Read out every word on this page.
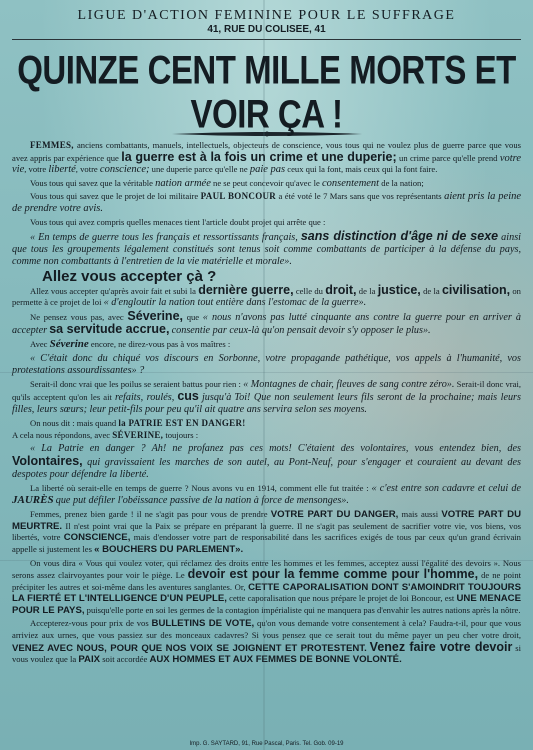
LIGUE D'ACTION FEMININE POUR LE SUFFRAGE

41, RUE DU COLISEE, 41

QUINZE CENT MILLE MORTS ET VOIR ÇA !

FEMMES, anciens combattants, manuels, intellectuels, objecteurs de conscience, vous tous qui ne voulez plus de guerre parce que vous avez appris par expérience que la guerre est à la fois un crime et une duperie; un crime parce qu'elle prend votre vie, votre liberté, votre conscience; une duperie parce qu'elle ne paie pas ceux qui la font, mais ceux qui la font faire.

Vous tous qui savez que la véritable nation armée ne se peut concevoir qu'avec le consentement de la nation;

Vous tous qui savez que le projet de loi militaire PAUL BONCOUR a été voté le 7 Mars sans que vos représentants aient pris la peine de prendre votre avis.

Vous tous qui avez compris quelles menaces tient l'article doubt projet qui arrête que :

« En temps de guerre tous les français et ressortissants français, sans distinction d'âge ni de sexe ainsi que tous les groupements légalement constitués sont tenus soit comme combattants de participer à la défense du pays, comme non combattants à l'entretien de la vie matérielle et morale».

Allez vous accepter çà ?

Allez vous accepter qu'après avoir fait et subi la dernière guerre, celle du droit, de la justice, de la civilisation, on permette à ce projet de loi « d'engloutir la nation tout entière dans l'estomac de la guerre».

Ne pensez vous pas, avec Séverine, que « nous n'avons pas lutté cinquante ans contre la guerre pour en arriver à accepter sa servitude accrue, consentie par ceux-là qu'on pensait devoir s'y opposer le plus».

Avec Séverine encore, ne direz-vous pas à vos maîtres :

« C'était donc du chiqué vos discours en Sorbonne, votre propagande pathétique, vos appels à l'humanité, vos protestations assourdissantes» ?

Serait-il donc vrai que les poilus se seraient battus pour rien : « Montagnes de chair, fleuves de sang contre zéro». Serait-il donc vrai, qu'ils acceptent qu'on les ait refaits, roulés, cus jusqu'à Toi! Que non seulement leurs fils seront de la prochaine; mais leurs filles, leurs sœurs; leur petit-fils pour peu qu'il ait quatre ans servira selon ses moyens.

On nous dit : mais quand la PATRIE EST EN DANGER!
A cela nous répondons, avec SÉVERINE, toujours :

« La Patrie en danger ? Ah! ne profanez pas ces mots! C'étaient des volontaires, vous entendez bien, des Volontaires, qui gravissaient les marches de son autel, au Pont-Neuf, pour s'engager et couraient au devant des despotes pour défendre la liberté.

La liberté où serait-elle en temps de guerre ? Nous avons vu en 1914, comment elle fut traitée : « c'est entre son cadavre et celui de JAURÈS que put défiler l'obéissance passive de la nation à force de mensonges».

Femmes, prenez bien garde ! il ne s'agit pas pour vous de prendre VOTRE PART DU DANGER, mais aussi VOTRE PART DU MEURTRE. Il n'est point vrai que la Paix se prépare en préparant la guerre. Il ne s'agit pas seulement de sacrifier votre vie, vos biens, vos libertés, votre CONSCIENCE, mais d'endosser votre part de responsabilité dans les sacrifices exigés de tous par ceux qu'un grand écrivain appelle si justement les « BOUCHERS DU PARLEMENT».

On vous dira « Vous qui voulez voter, qui réclamez des droits entre les hommes et les femmes, acceptez aussi l'égalité des devoirs ». Nous serons assez clairvoyantes pour voir le piège. Le devoir est pour la femme comme pour l'homme, de ne point précipiter les autres et soi-même dans les aventures sanglantes. Or, CETTE CAPORALISATION DONT S'AMOINDRIT TOUJOURS LA FIERTÉ ET L'INTELLIGENCE D'UN PEUPLE, cette caporalisation que nous prépare le projet de loi Boncour, est UNE MENACE POUR LE PAYS, puisqu'elle porte en soi les germes de la contagion impérialiste qui ne manquera pas d'envahir les autres nations après la nôtre.

Accepterez-vous pour prix de vos BULLETINS DE VOTE, qu'on vous demande votre consentement à cela? Faudra-t-il, pour que vous arriviez aux urnes, que vous passiez sur des monceaux cadavres? Si vous pensez que ce serait tout du même payer un peu cher votre droit, VENEZ AVEC NOUS, POUR QUE NOS VOIX SE JOIGNENT ET PROTESTENT. Venez faire votre devoir si vous voulez que la PAIX soit accordée AUX HOMMES ET AUX FEMMES DE BONNE VOLONTÉ.

Imp. G. SAYTARD, 91, Rue Pascal, Paris. Tel. Gob. 09-19
